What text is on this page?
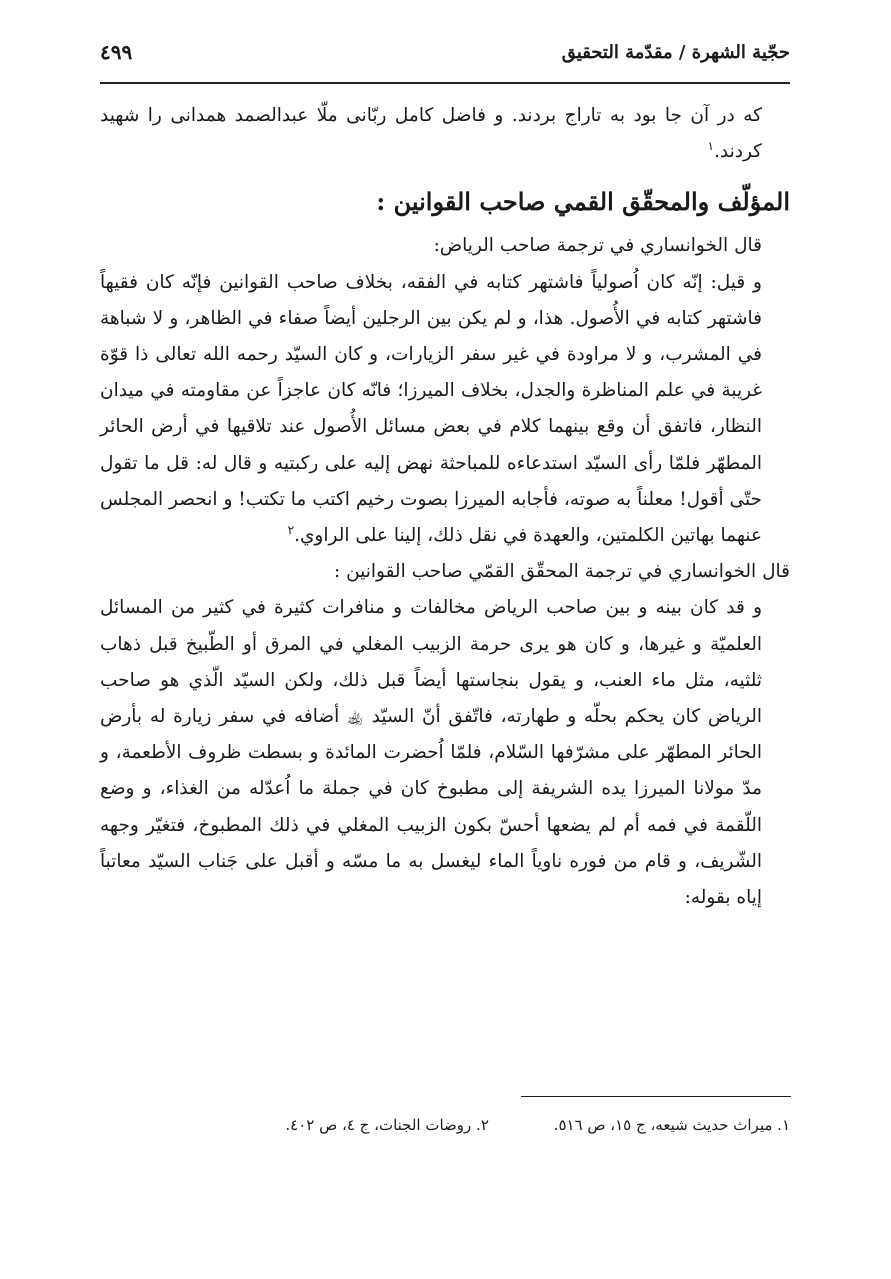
حجّية الشهرة / مقدّمة التحقيق
٤٩٩

که در آن جا بود به تاراج بردند. و فاضل کامل ربّانی ملّا عبدالصمد همدانی را شهید کردند.$^١$

المؤلّف والمحقّق القمي صاحب القوانين :

قال الخوانساري في ترجمة صاحب الرياض:

و قيل: إنّه كان اُصولياً فاشتهر كتابه في الفقه، بخلاف صاحب القوانين فإنّه كان فقيهاً فاشتهر كتابه في الأُصول. هذا، و لم يكن بين الرجلين أيضاً صفاء في الظاهر، و لا شباهة في المشرب، و لا مراودة في غير سفر الزيارات، و كان السيّد رحمه الله تعالى ذا قوّة غريبة في علم المناظرة والجدل، بخلاف الميرزا؛ فانّه كان عاجزاً عن مقاومته في ميدان النظار، فاتفق أن وقع بينهما كلام في بعض مسائل الأُصول عند تلاقيها في أرض الحائر المطهّر فلمّا رأى السيّد استدعاءه للمباحثة نهض إليه على ركبتيه و قال له: قل ما تقول حتّى أقول! معلناً به صوته، فأجابه الميرزا بصوت رخيم اكتب ما تكتب! و انحصر المجلس عنهما بهاتين الكلمتين، والعهدة في نقل ذلك، إلينا على الراوي.$^٢$

قال الخوانساري في ترجمة المحقّق القمّي صاحب القوانين :

و قد كان بينه و بين صاحب الرياض مخالفات و منافرات كثيرة في كثير من المسائل العلميّة و غيرها، و كان هو يرى حرمة الزبيب المغلي في المرق أو الطّبيخ قبل ذهاب ثلثيه، مثل ماء العنب، و يقول بنجاستها أيضاً قبل ذلك، ولكن السيّد الّذي هو صاحب الرياض كان يحكم بحلّه و طهارته، فاتّفق أنّ السيّد ﵀ أضافه في سفر زيارة له بأرض الحائر المطهّر على مشرّفها السّلام، فلمّا اُحضرت المائدة و بسطت ظروف الأطعمة، و مدّ مولانا الميرزا يده الشريفة إلى مطبوخ كان في جملة ما اُعدّله من الغذاء، و وضع اللّقمة في فمه أم لم يضعها أحسّ بكون الزبيب المغلي في ذلك المطبوخ، فتغيّر وجهه الشّريف، و قام من فوره ناوياً الماء ليغسل به ما مسّه و أقبل على جَناب السيّد معاتباً إياه بقوله:

١. ميراث حديث شيعه، ج ١٥، ص ٥١٦. ٢. روضات الجنات، ج ٤، ص ٤٠٢.
